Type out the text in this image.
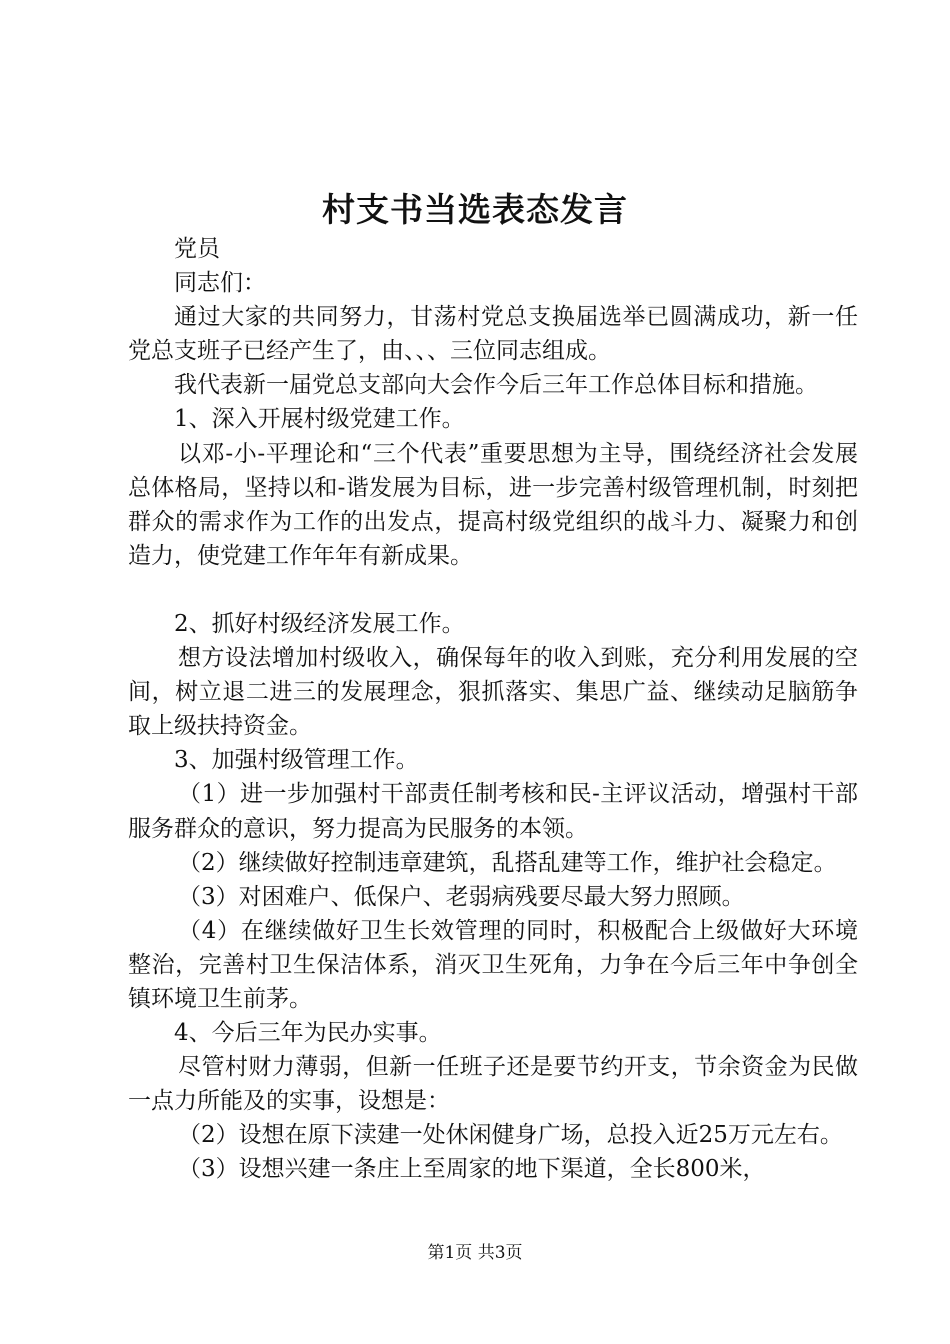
村支书当选表态发言

党员

同志们：

通过大家的共同努力，甘荡村党总支换届选举已圆满成功，新一任党总支班子已经产生了，由、、、三位同志组成。

我代表新一届党总支部向大会作今后三年工作总体目标和措施。

1、深入开展村级党建工作。

以邓-小-平理论和“三个代表”重要思想为主导，围绕经济社会发展总体格局，坚持以和-谐发展为目标，进一步完善村级管理机制，时刻把群众的需求作为工作的出发点，提高村级党组织的战斗力、凝聚力和创造力，使党建工作年年有新成果。

2、抓好村级经济发展工作。

想方设法增加村级收入，确保每年的收入到账，充分利用发展的空间，树立退二进三的发展理念，狠抓落实、集思广益、继续动足脑筋争取上级扶持资金。

3、加强村级管理工作。

（1）进一步加强村干部责任制考核和民-主评议活动，增强村干部服务群众的意识，努力提高为民服务的本领。

（2）继续做好控制违章建筑，乱搭乱建等工作，维护社会稳定。

（3）对困难户、低保户、老弱病残要尽最大努力照顾。

（4）在继续做好卫生长效管理的同时，积极配合上级做好大环境整治，完善村卫生保洁体系，消灭卫生死角，力争在今后三年中争创全镇环境卫生前茅。

4、今后三年为民办实事。

尽管村财力薄弱，但新一任班子还是要节约开支，节余资金为民做一点力所能及的实事，设想是：

（2）设想在原下渎建一处休闲健身广场，总投入近25万元左右。

（3）设想兴建一条庄上至周家的地下渠道，全长800米，

第1页 共3页
